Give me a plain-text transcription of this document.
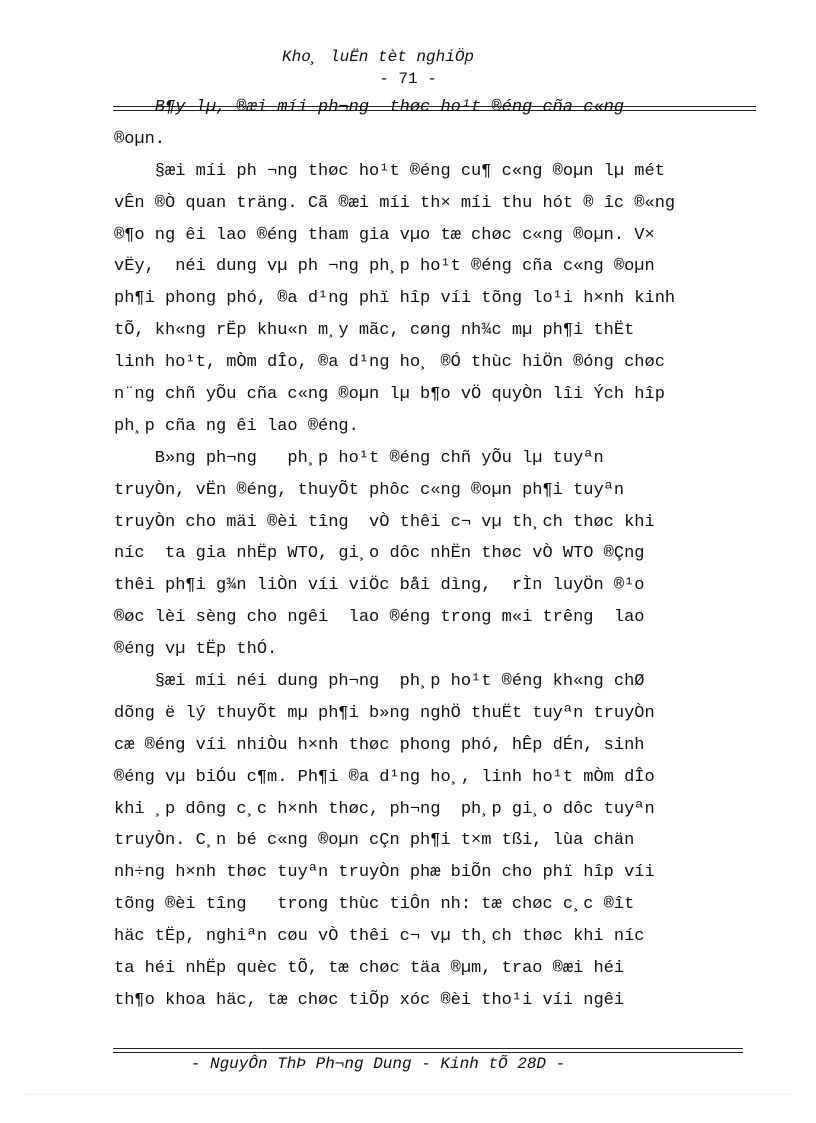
Kho¸ luËn tèt nghiÖp
- 71 -
B¶y lµ, ®æi míi ph¬ng  thøc ho¹t ®éng cña c«ng
®oµn.
§æi míi ph ¬ng thøc ho¹t ®éng cu¶ c«ng ®oµn lµ mét
vÊn ®Ò quan träng. Cã ®æi míi th× míi thu hót ® îc ®«ng
®¶o ng êi lao ®éng tham gia vµo tæ chøc c«ng ®oµn. V×
vËy,  néi dung vµ ph ¬ng ph¸p ho¹t ®éng cña c«ng ®oµn
ph¶i phong phó, ®a d¹ng phï hîp víi tõng lo¹i h×nh kinh
tÕ, kh«ng rËp khu«n m¸y mãc, cøng nh¾c mµ ph¶i thËt
linh ho¹t, mÒm dÎo, ®a d¹ng ho¸ ®Ó thùc hiÖn ®óng chøc
n¨ng chñ yÕu cña c«ng ®oµn lµ b¶o vÖ quyÒn lîi Ých hîp
ph¸p cña ng êi lao ®éng.
B»ng ph¬ng   ph¸p ho¹t ®éng chñ yÕu lµ tuyªn
truyÒn, vËn ®éng, thuyÕt phôc c«ng ®oµn ph¶i tuyªn
truyÒn cho mäi ®èi tîng  vÒ thêi c¬ vµ th¸ch thøc khi
níc  ta gia nhËp WTO, gi¸o dôc nhËn thøc vÒ WTO ®Çng
thêi ph¶i g¾n liÒn víi viÖc båi dìng,  rÌn luyÖn ®¹o
®øc lèi sèng cho ngêi  lao ®éng trong m«i trêng  lao
®éng vµ tËp thÓ.
§æi míi néi dung ph¬ng  ph¸p ho¹t ®éng kh«ng chØ
dõng ë lý thuyÕt mµ ph¶i b»ng nghÖ thuËt tuyªn truyÒn
cæ ®éng víi nhiÒu h×nh thøc phong phó, hÊp dÉn, sinh
®éng vµ biÓu c¶m. Ph¶i ®a d¹ng ho¸, linh ho¹t mÒm dÎo
khi ¸p dông c¸c h×nh thøc, ph¬ng  ph¸p gi¸o dôc tuyªn
truyÒn. C¸n bé c«ng ®oµn cÇn ph¶i t×m tßi, lùa chän
nh÷ng h×nh thøc tuyªn truyÒn phæ biÕn cho phï hîp víi
tõng ®èi tîng   trong thùc tiÔn nh: tæ chøc c¸c ®ît
häc tËp, nghiªn cøu vÒ thêi c¬ vµ th¸ch thøc khi níc
ta héi nhËp quèc tÕ, tæ chøc täa ®µm, trao ®æi héi
th¶o khoa häc, tæ chøc tiÕp xóc ®èi tho¹i víi ngêi
- NguyÔn ThÞ Ph¬ng Dung - Kinh tÕ 28D -
